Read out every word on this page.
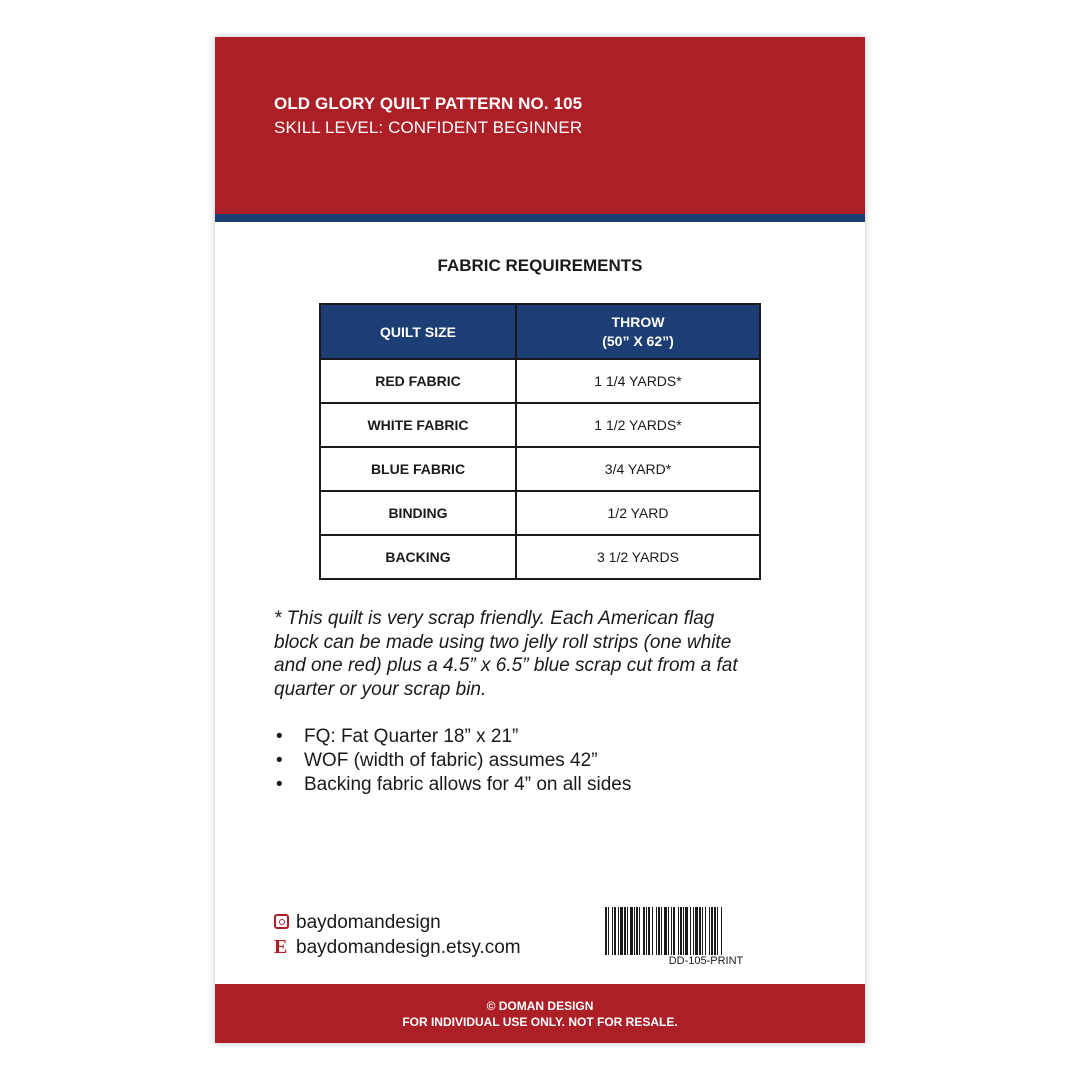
OLD GLORY QUILT PATTERN NO. 105
SKILL LEVEL: CONFIDENT BEGINNER
FABRIC REQUIREMENTS
QUILT SIZE	THROW
(50” X 62”)

RED FABRIC	1 1/4 YARDS*
WHITE FABRIC	1 1/2 YARDS*
BLUE FABRIC	3/4 YARD*
BINDING	1/2 YARD
BACKING	3 1/2 YARDS
* This quilt is very scrap friendly. Each American flag
block can be made using two jelly roll strips (one white
and one red) plus a 4.5” x 6.5” blue scrap cut from a fat
quarter or your scrap bin.
• FQ: Fat Quarter 18” x 21”
• WOF (width of fabric) assumes 42”
• Backing fabric allows for 4” on all sides
baydomandesign
E baydomandesign.etsy.com
DD-105-PRINT
© DOMAN DESIGN
FOR INDIVIDUAL USE ONLY. NOT FOR RESALE.
